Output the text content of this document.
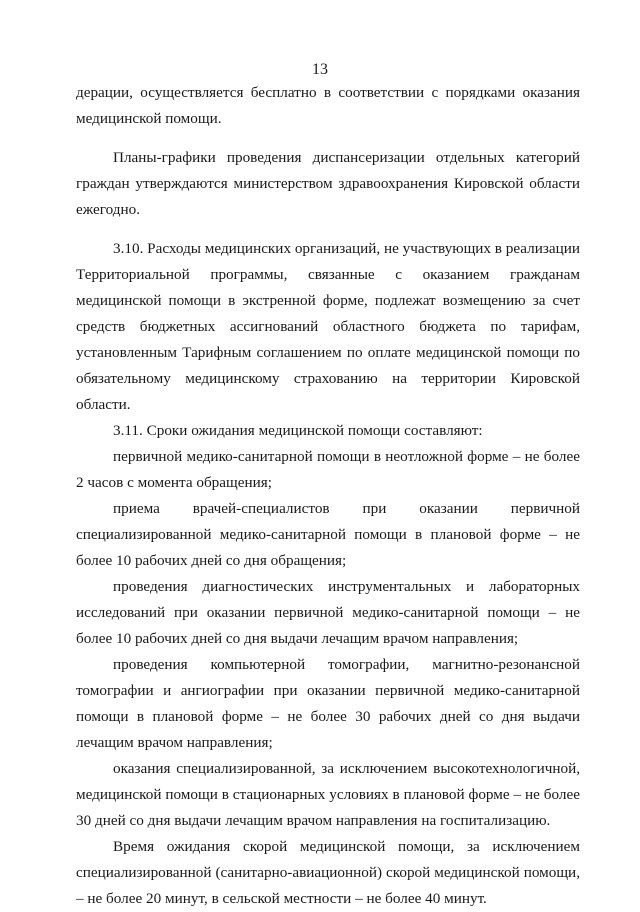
13

дерации, осуществляется бесплатно в соответствии с порядками оказания медицинской помощи.

Планы-графики проведения диспансеризации отдельных категорий граждан утверждаются министерством здравоохранения Кировской области ежегодно.

3.10. Расходы медицинских организаций, не участвующих в реализации Территориальной программы, связанные с оказанием гражданам медицинской помощи в экстренной форме, подлежат возмещению за счет средств бюджетных ассигнований областного бюджета по тарифам, установленным Тарифным соглашением по оплате медицинской помощи по обязательному медицинскому страхованию на территории Кировской области.

3.11. Сроки ожидания медицинской помощи составляют:

первичной медико-санитарной помощи в неотложной форме – не более 2 часов с момента обращения;

приема врачей-специалистов при оказании первичной специализированной медико-санитарной помощи в плановой форме – не более 10 рабочих дней со дня обращения;

проведения диагностических инструментальных и лабораторных исследований при оказании первичной медико-санитарной помощи – не более 10 рабочих дней со дня выдачи лечащим врачом направления;

проведения компьютерной томографии, магнитно-резонансной томографии и ангиографии при оказании первичной медико-санитарной помощи в плановой форме – не более 30 рабочих дней со дня выдачи лечащим врачом направления;

оказания специализированной, за исключением высокотехнологичной, медицинской помощи в стационарных условиях в плановой форме – не более 30 дней со дня выдачи лечащим врачом направления на госпитализацию.

Время ожидания скорой медицинской помощи, за исключением специализированной (санитарно-авиационной) скорой медицинской помощи, – не более 20 минут, в сельской местности – не более 40 минут.
